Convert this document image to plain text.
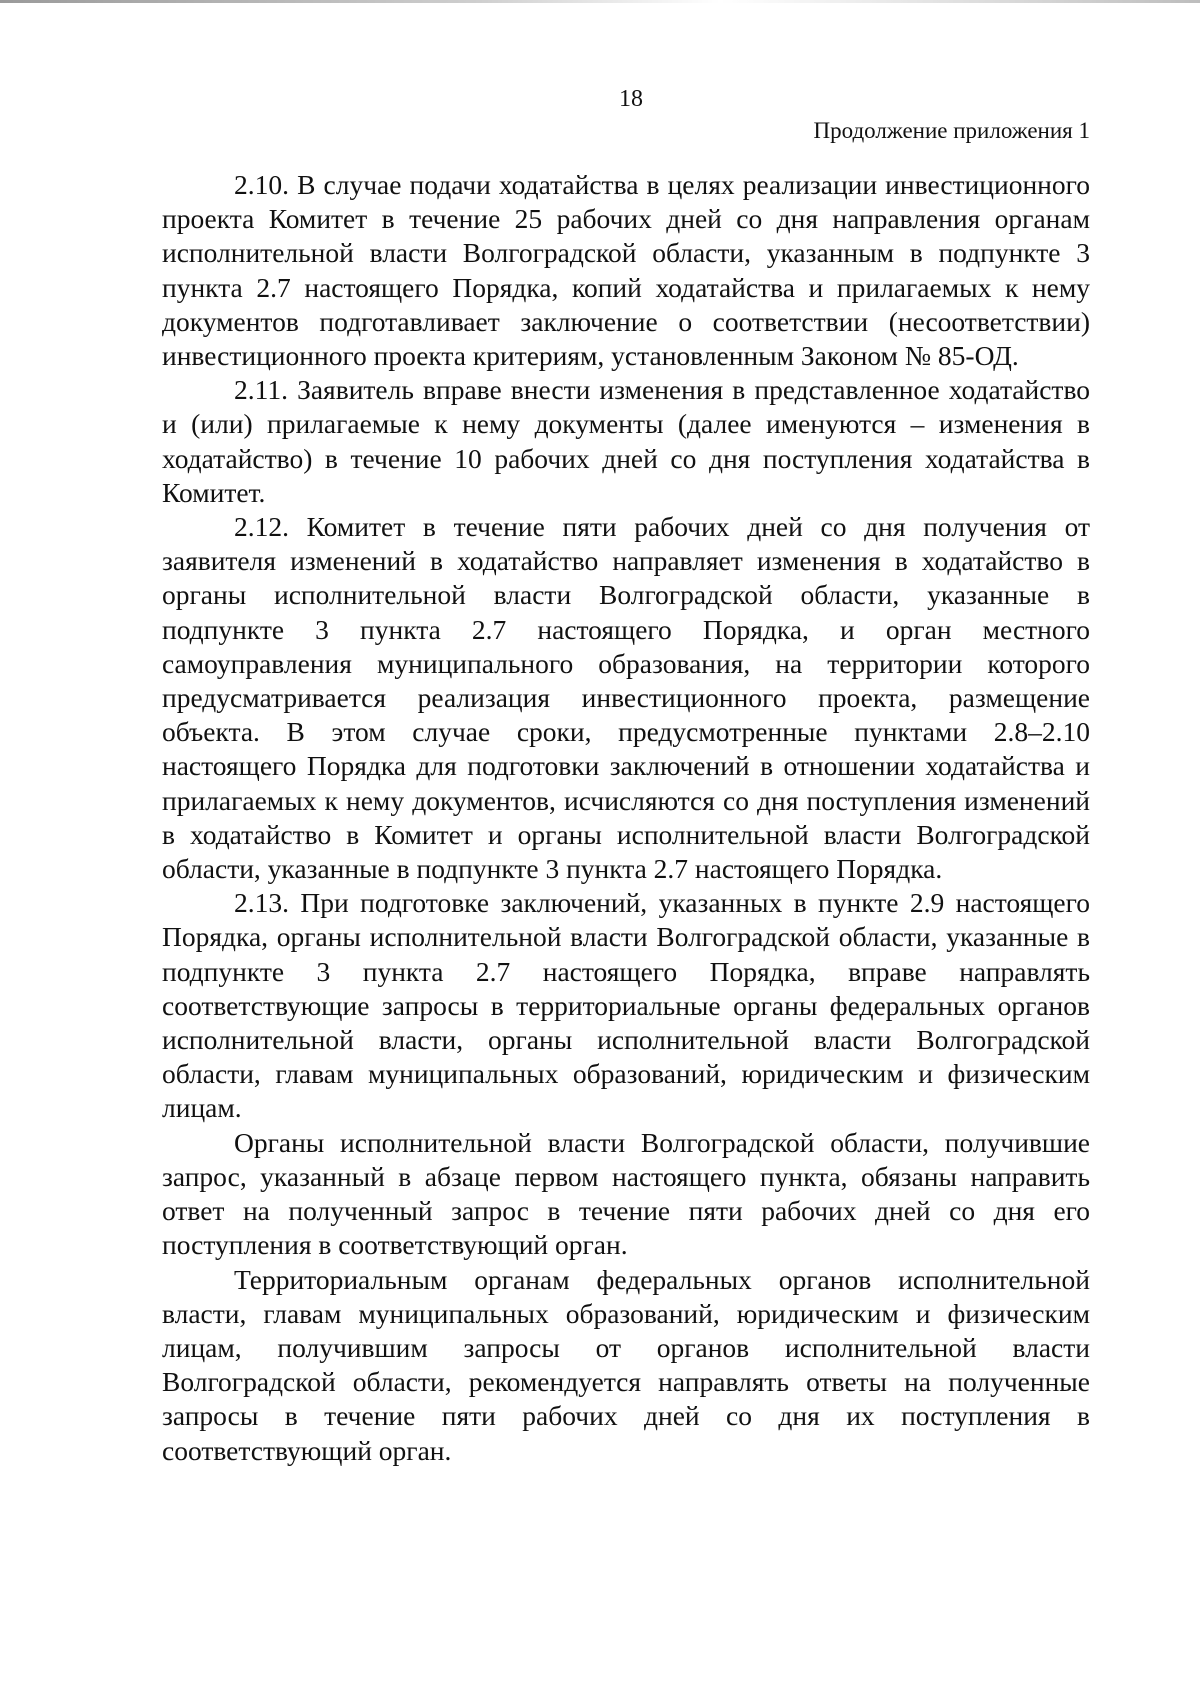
18
Продолжение приложения 1

2.10. В случае подачи ходатайства в целях реализации инвестиционного проекта Комитет в течение 25 рабочих дней со дня направления органам исполнительной власти Волгоградской области, указанным в подпункте 3 пункта 2.7 настоящего Порядка, копий ходатайства и прилагаемых к нему документов подготавливает заключение о соответствии (несоответствии) инвестиционного проекта критериям, установленным Законом № 85-ОД.

2.11. Заявитель вправе внести изменения в представленное ходатайство и (или) прилагаемые к нему документы (далее именуются – изменения в ходатайство) в течение 10 рабочих дней со дня поступления ходатайства в Комитет.

2.12. Комитет в течение пяти рабочих дней со дня получения от заявителя изменений в ходатайство направляет изменения в ходатайство в органы исполнительной власти Волгоградской области, указанные в подпункте 3 пункта 2.7 настоящего Порядка, и орган местного самоуправления муниципального образования, на территории которого предусматривается реализация инвестиционного проекта, размещение объекта. В этом случае сроки, предусмотренные пунктами 2.8–2.10 настоящего Порядка для подготовки заключений в отношении ходатайства и прилагаемых к нему документов, исчисляются со дня поступления изменений в ходатайство в Комитет и органы исполнительной власти Волгоградской области, указанные в подпункте 3 пункта 2.7 настоящего Порядка.

2.13. При подготовке заключений, указанных в пункте 2.9 настоящего Порядка, органы исполнительной власти Волгоградской области, указанные в подпункте 3 пункта 2.7 настоящего Порядка, вправе направлять соответствующие запросы в территориальные органы федеральных органов исполнительной власти, органы исполнительной власти Волгоградской области, главам муниципальных образований, юридическим и физическим лицам.

Органы исполнительной власти Волгоградской области, получившие запрос, указанный в абзаце первом настоящего пункта, обязаны направить ответ на полученный запрос в течение пяти рабочих дней со дня его поступления в соответствующий орган.

Территориальным органам федеральных органов исполнительной власти, главам муниципальных образований, юридическим и физическим лицам, получившим запросы от органов исполнительной власти Волгоградской области, рекомендуется направлять ответы на полученные запросы в течение пяти рабочих дней со дня их поступления в соответствующий орган.
